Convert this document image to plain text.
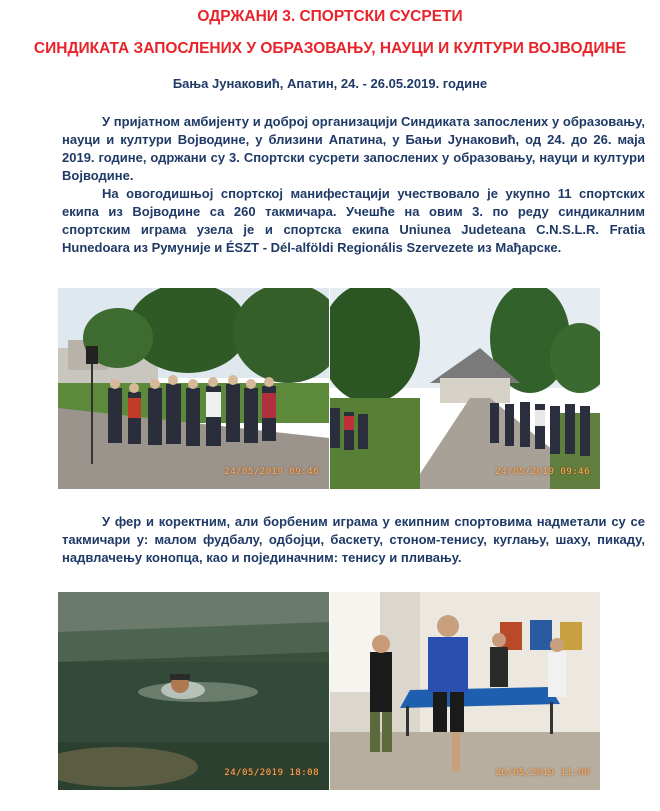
ОДРЖАНИ 3. СПОРТСКИ СУСРЕТИ
СИНДИКАТА ЗАПОСЛЕНИХ У ОБРАЗОВАЊУ, НАУЦИ И КУЛТУРИ ВОЈВОДИНЕ
Бања Јунаковић, Апатин, 24. - 26.05.2019. године

У пријатном амбијенту и доброј организацији Синдиката запослених у образовању, науци и култури Војводине, у близини Апатина, у Бањи Јунаковић, од 24. до 26. маја 2019. године, одржани су 3. Спортски сусрети запослених у образовању, науци и култури Војводине.

На овогодишњој спортској манифестацији учествовало је укупно 11 спортских екипа из Војводине са 260 такмичара. Учешће на овим 3. по реду синдикалним спортским играма узела је и спортска екипа Uniunea Judeteana C.N.S.L.R. Fratia Hunedoara из Румуније и ÉSZT - Dél-alföldi Regionális Szervezete из Мађарске.

24/05/2019 09:46	24/05/2019 09:46

У фер и коректним, али борбеним играма у екипним спортовима надметали су се такмичари у: малом фудбалу, одбојци, баскету, стоном-тенису, куглању, шаху, пикаду, надвлачењу конопца, као и појединачним: тенису и пливању.

24/05/2019 18:08	26/05/2019 11:09
